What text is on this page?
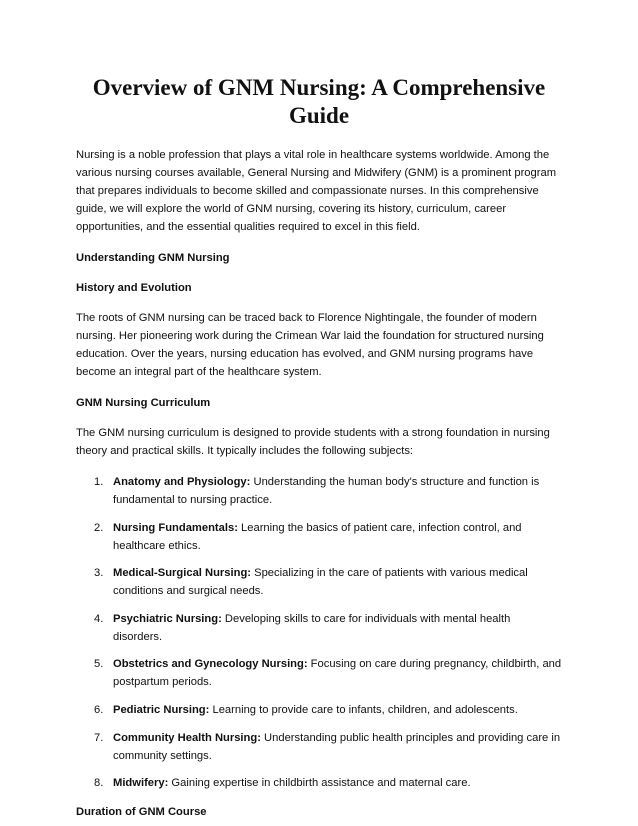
Overview of GNM Nursing: A Comprehensive Guide

Nursing is a noble profession that plays a vital role in healthcare systems worldwide. Among the various nursing courses available, General Nursing and Midwifery (GNM) is a prominent program that prepares individuals to become skilled and compassionate nurses. In this comprehensive guide, we will explore the world of GNM nursing, covering its history, curriculum, career opportunities, and the essential qualities required to excel in this field.

Understanding GNM Nursing
History and Evolution

The roots of GNM nursing can be traced back to Florence Nightingale, the founder of modern nursing. Her pioneering work during the Crimean War laid the foundation for structured nursing education. Over the years, nursing education has evolved, and GNM nursing programs have become an integral part of the healthcare system.

GNM Nursing Curriculum

The GNM nursing curriculum is designed to provide students with a strong foundation in nursing theory and practical skills. It typically includes the following subjects:

1. Anatomy and Physiology: Understanding the human body's structure and function is fundamental to nursing practice.
2. Nursing Fundamentals: Learning the basics of patient care, infection control, and healthcare ethics.
3. Medical-Surgical Nursing: Specializing in the care of patients with various medical conditions and surgical needs.
4. Psychiatric Nursing: Developing skills to care for individuals with mental health disorders.
5. Obstetrics and Gynecology Nursing: Focusing on care during pregnancy, childbirth, and postpartum periods.
6. Pediatric Nursing: Learning to provide care to infants, children, and adolescents.
7. Community Health Nursing: Understanding public health principles and providing care in community settings.
8. Midwifery: Gaining expertise in childbirth assistance and maternal care.
Duration of GNM Course
